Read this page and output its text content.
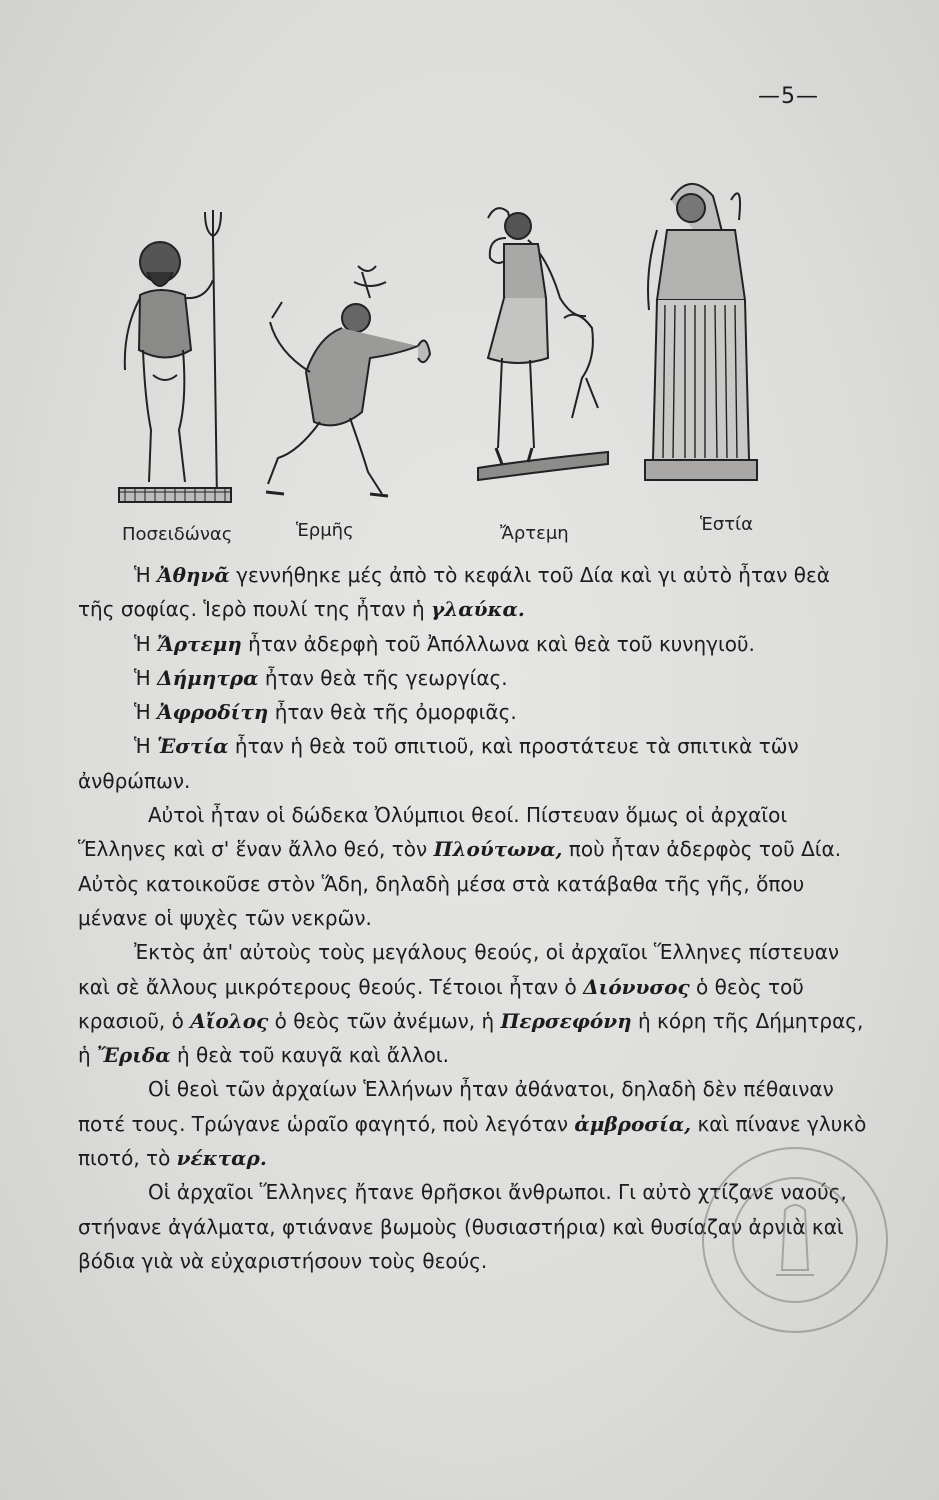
—5—
Ποσειδώνας	Ἑρμῆς	Ἄρτεμη	Ἑστία

Ἡ Ἀθηνᾶ γεννήθηκε μές ἀπὸ τὸ κεφάλι τοῦ Δία καὶ γι αὐτὸ ἦταν θεὰ τῆς σοφίας. Ἱερὸ πουλί της ἦταν ἡ γλαύκα.

Ἡ Ἄρτεμη ἦταν ἀδερφὴ τοῦ Ἀπόλλωνα καὶ θεὰ τοῦ κυνηγιοῦ.

Ἡ Δήμητρα ἦταν θεὰ τῆς γεωργίας.

Ἡ Ἀφροδίτη ἦταν θεὰ τῆς ὀμορφιᾶς.

Ἡ Ἑστία ἦταν ἡ θεὰ τοῦ σπιτιοῦ, καὶ προστάτευε τὰ σπιτικὰ τῶν ἀνθρώπων.

Αὐτοὶ ἦταν οἱ δώδεκα Ὀλύμπιοι θεοί. Πίστευαν ὅμως οἱ ἀρχαῖοι Ἕλληνες καὶ σ' ἕναν ἄλλο θεό, τὸν Πλούτωνα, ποὺ ἦταν ἀδερφὸς τοῦ Δία. Αὐτὸς κατοικοῦσε στὸν Ἅδη, δηλαδὴ μέσα στὰ κατάβαθα τῆς γῆς, ὅπου μένανε οἱ ψυχὲς τῶν νεκρῶν.

Ἐκτὸς ἀπ' αὐτοὺς τοὺς μεγάλους θεούς, οἱ ἀρχαῖοι Ἕλληνες πίστευαν καὶ σὲ ἄλλους μικρότερους θεούς. Τέτοιοι ἦταν ὁ Διόνυσος ὁ θεὸς τοῦ κρασιοῦ, ὁ Αἴολος ὁ θεὸς τῶν ἀνέμων, ἡ Περσεφόνη ἡ κόρη τῆς Δήμητρας, ἡ Ἔριδα ἡ θεὰ τοῦ καυγᾶ καὶ ἄλλοι.

Οἱ θεοὶ τῶν ἀρχαίων Ἑλλήνων ἦταν ἀθάνατοι, δηλαδὴ δὲν πέθαιναν ποτέ τους. Τρώγανε ὡραῖο φαγητό, ποὺ λεγόταν ἀμβροσία, καὶ πίνανε γλυκὸ πιοτό, τὸ νέκταρ.

Οἱ ἀρχαῖοι Ἕλληνες ἤτανε θρῆσκοι ἄνθρωποι. Γι αὐτὸ χτίζανε ναούς, στήνανε ἀγάλματα, φτιάνανε βωμοὺς (θυσιαστήρια) καὶ θυσίαζαν ἀρνιὰ καὶ βόδια γιὰ νὰ εὐχαριστήσουν τοὺς θεούς.
